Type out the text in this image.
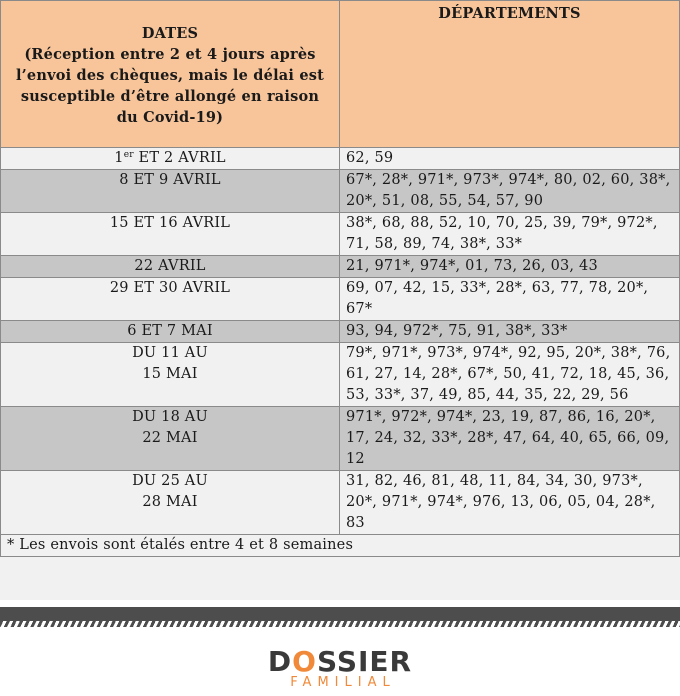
DATES
(Réception entre 2 et 4 jours après l’envoi des chèques, mais le délai est susceptible d’être allongé en raison du Covid-19)	DÉPARTEMENTS
1er ET 2 AVRIL	62, 59
8 ET 9 AVRIL	67*, 28*, 971*, 973*, 974*, 80, 02, 60, 38*, 20*, 51, 08, 55, 54, 57, 90
15 ET 16 AVRIL	38*, 68, 88, 52, 10, 70, 25, 39, 79*, 972*, 71, 58, 89, 74, 38*, 33*
22 AVRIL	21, 971*, 974*, 01, 73, 26, 03, 43
29 ET 30 AVRIL	69, 07, 42, 15, 33*, 28*, 63, 77, 78, 20*, 67*
6 ET 7 MAI	93, 94, 972*, 75, 91, 38*, 33*
DU 11 AU
15 MAI	79*, 971*, 973*, 974*, 92, 95, 20*, 38*, 76, 61, 27, 14, 28*, 67*, 50, 41, 72, 18, 45, 36, 53, 33*, 37, 49, 85, 44, 35, 22, 29, 56
DU 18 AU
22 MAI	971*, 972*, 974*, 23, 19, 87, 86, 16, 20*, 17, 24, 32, 33*, 28*, 47, 64, 40, 65, 66, 09, 12
DU 25 AU
28 MAI	31, 82, 46, 81, 48, 11, 84, 34, 30, 973*, 20*, 971*, 974*, 976, 13, 06, 05, 04, 28*, 83
* Les envois sont étalés entre 4 et 8 semaines	
DOSSIER
FAMILIAL
